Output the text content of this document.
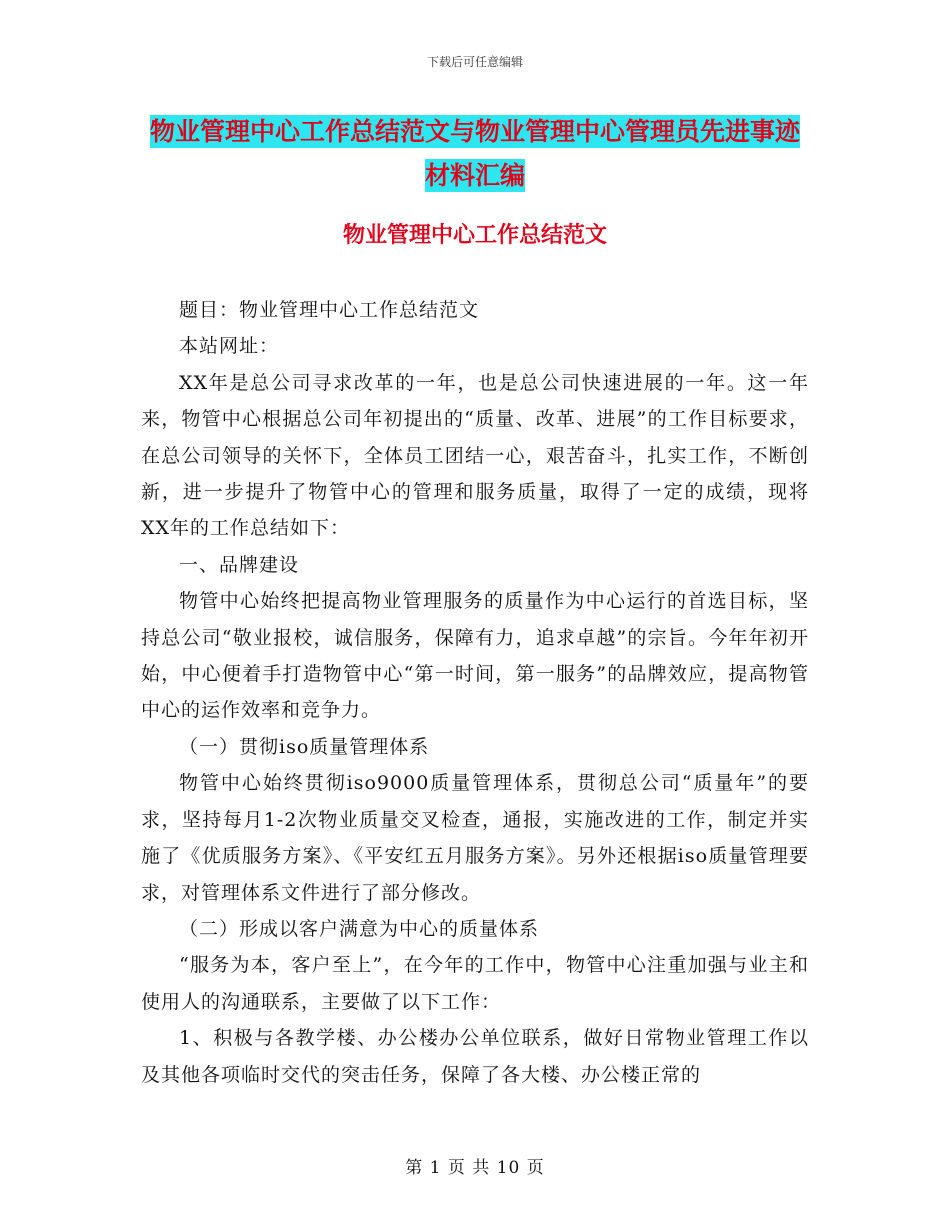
下载后可任意编辑
物业管理中心工作总结范文与物业管理中心管理员先进事迹材料汇编
物业管理中心工作总结范文

题目：物业管理中心工作总结范文

本站网址：

XX年是总公司寻求改革的一年，也是总公司快速进展的一年。这一年来，物管中心根据总公司年初提出的“质量、改革、进展”的工作目标要求，在总公司领导的关怀下，全体员工团结一心，艰苦奋斗，扎实工作，不断创新，进一步提升了物管中心的管理和服务质量，取得了一定的成绩，现将XX年的工作总结如下：

一、品牌建设

物管中心始终把提高物业管理服务的质量作为中心运行的首选目标，坚持总公司“敬业报校，诚信服务，保障有力，追求卓越”的宗旨。今年年初开始，中心便着手打造物管中心“第一时间，第一服务”的品牌效应，提高物管中心的运作效率和竞争力。

（一）贯彻iso质量管理体系

物管中心始终贯彻iso9000质量管理体系，贯彻总公司“质量年”的要求，坚持每月1-2次物业质量交叉检查，通报，实施改进的工作，制定并实施了《优质服务方案》、《平安红五月服务方案》。另外还根据iso质量管理要求，对管理体系文件进行了部分修改。

（二）形成以客户满意为中心的质量体系

“服务为本，客户至上”，在今年的工作中，物管中心注重加强与业主和使用人的沟通联系，主要做了以下工作：

1、积极与各教学楼、办公楼办公单位联系，做好日常物业管理工作以及其他各项临时交代的突击任务，保障了各大楼、办公楼正常的

第 1 页 共 10 页
